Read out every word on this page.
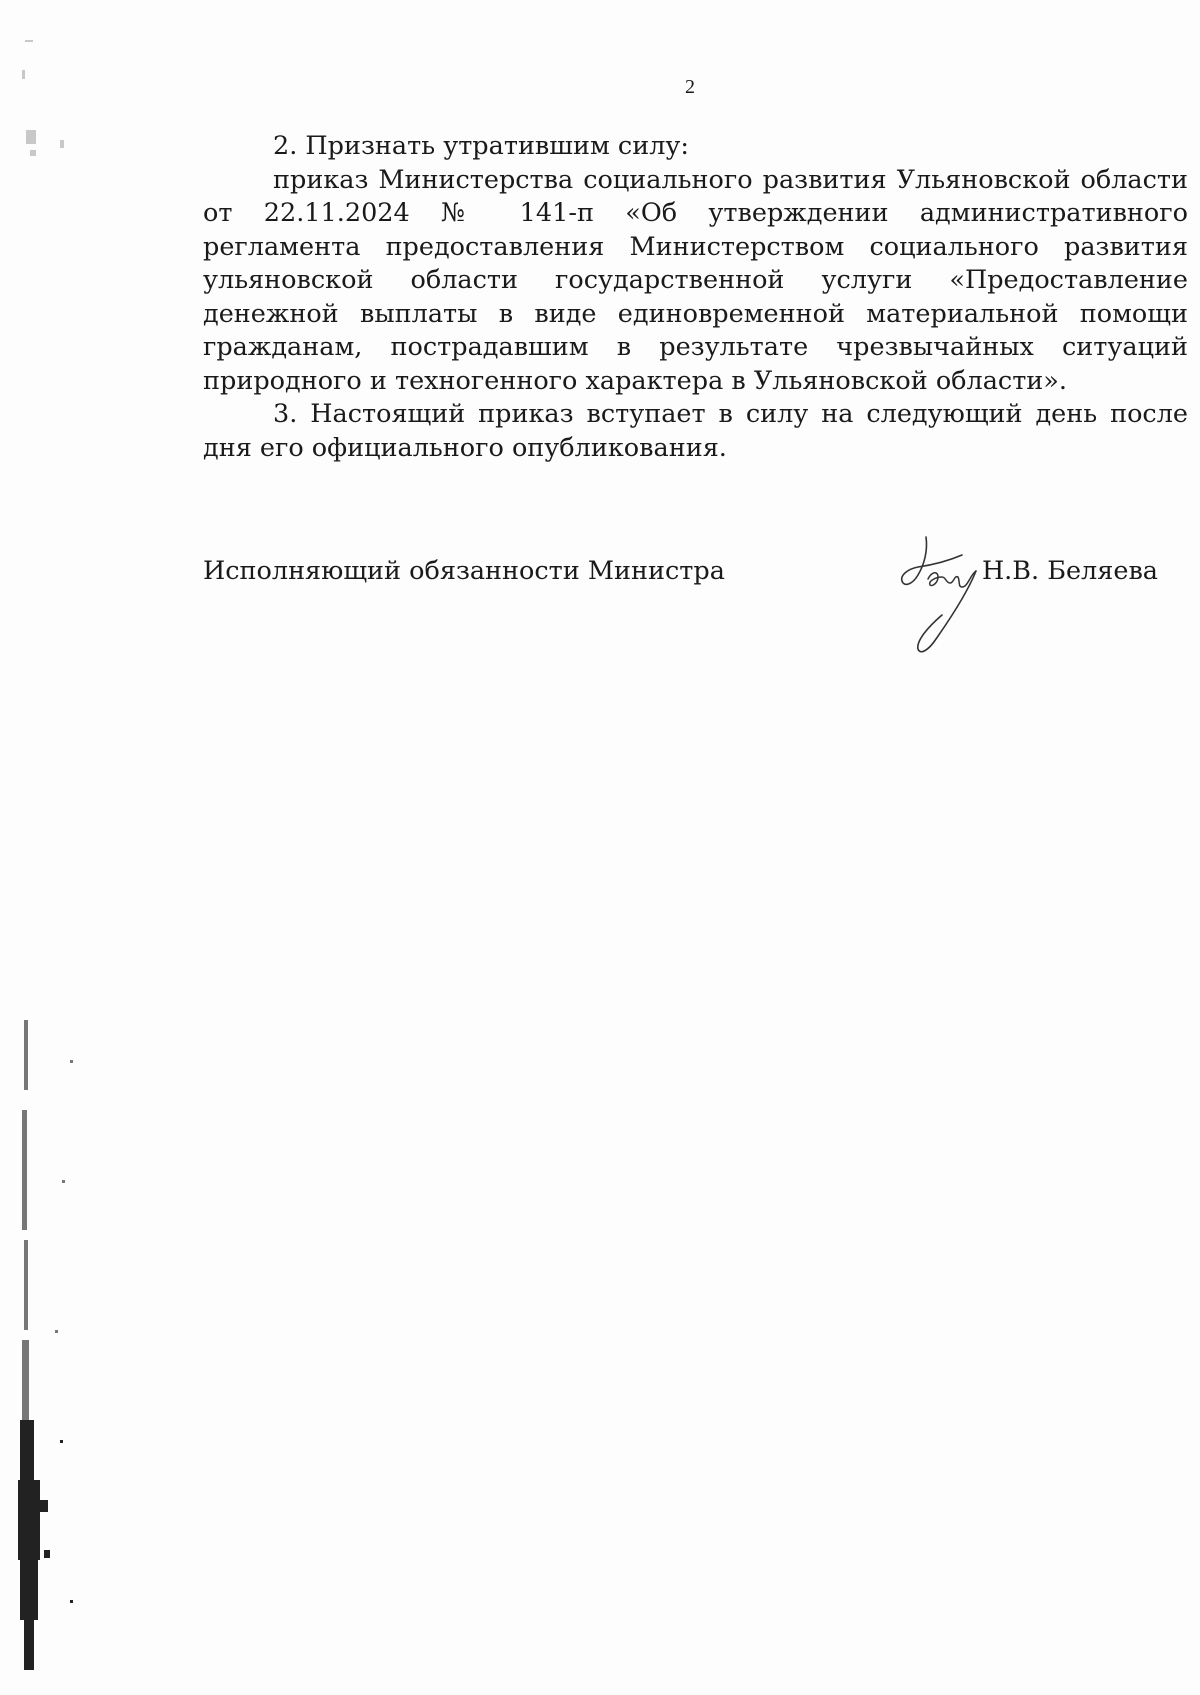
2

2. Признать утратившим силу:

приказ Министерства социального развития Ульяновской области от 22.11.2024 № 141-п «Об утверждении административного регламента предоставления Министерством социального развития ульяновской области государственной услуги «Предоставление денежной выплаты в виде единовременной материальной помощи гражданам, пострадавшим в результате чрезвычайных ситуаций природного и техногенного характера в Ульяновской области».

3. Настоящий приказ вступает в силу на следующий день после дня его официального опубликования.

Исполняющий обязанности Министра	Н.В. Беляева
